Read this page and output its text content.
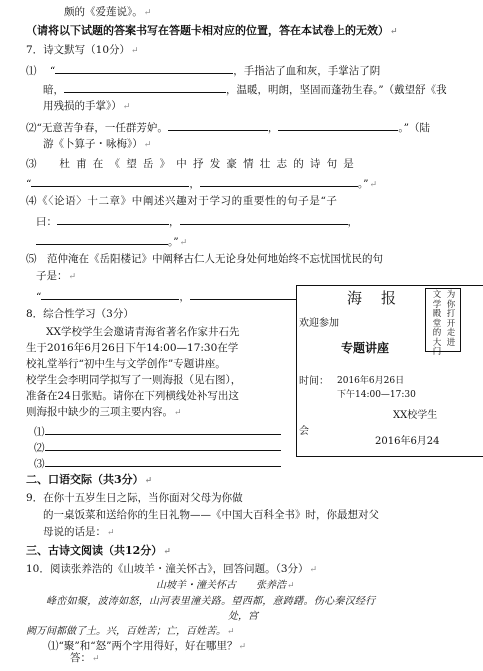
颇的《爱莲说》。↵
（请将以下试题的答案书写在答题卡相对应的位置，答在本试卷上的无效）↵
7．诗文默写（10分）↵
⑴ “	，手指沾了血和灰，手掌沾了阴
暗，	，温暖，明朗，坚固而蓬勃生春。”（戴望舒《我
用残损的手掌》）↵
⑵“无意苦争春，一任群芳妒。	，	。”（陆
游《卜算子・咏梅》）↵
⑶　杜甫在《望岳》中抒发豪情壮志的诗句是
“	，	。”↵
⑷《〈论语〉十二章》中阐述兴趣对于学习的重要性的句子是“子
曰：	，	，
。”↵
⑸　范仲淹在《岳阳楼记》中阐释古仁人无论身处何地始终不忘忧国忧民的句
子是：↵
“	，
8．综合性学习（3分）
XX学校学生会邀请青海省著名作家井石先
生于2016年6月26日下午14:00—17:30在学
校礼堂举行“初中生与文学创作”专题讲座。
校学生会李明同学拟写了一则海报（见右图），
准备在24日张贴。请你在下列横线处补写出这
则海报中缺少的三项主要内容。↵
⑴
⑵
⑶
海　报	为你打开走进
文学殿堂的大门
欢迎参加
专题讲座
时间： 2016年6月26日
下午14:00—17:30
XX校学生
会
2016年6月24
二、口语交际（共3分）↵
9．在你十五岁生日之际，当你面对父母为你做
的一桌饭菜和送给你的生日礼物——《中国大百科全书》时，你最想对父
母说的话是：↵
三、古诗文阅读（共12分）↵
10．阅读张养浩的《山坡羊・潼关怀古》，回答问题。（3分）↵
山坡羊・潼关怀古　　张养浩↵
峰峦如聚，波涛如怒，山河表里潼关路。望西都，意踌躇。伤心秦汉经行
处，宫
阙万间都做了土。兴，百姓苦；亡，百姓苦。↵
⑴“聚”和“怒”两个字用得好，好在哪里？↵
答：↵
